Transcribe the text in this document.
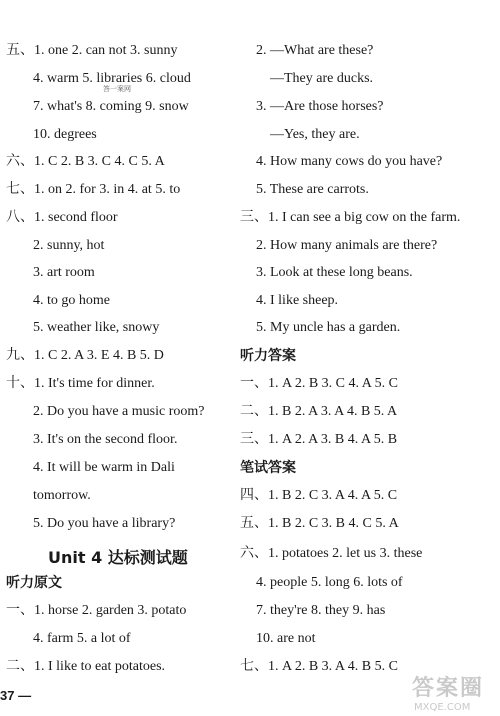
五、1. one 2. can not 3. sunny
4. warm 5. libraries 6. cloud
7. what's 8. coming 9. snow
10. degrees
六、1. C 2. B 3. C 4. C 5. A
七、1. on 2. for 3. in 4. at 5. to
八、1. second floor
2. sunny, hot
3. art room
4. to go home
5. weather like, snowy
九、1. C 2. A 3. E 4. B 5. D
十、1. It's time for dinner.
2. Do you have a music room?
3. It's on the second floor.
4. It will be warm in Dali
tomorrow.
5. Do you have a library?
Unit 4 达标测试题
听力原文
一、1. horse 2. garden 3. potato
4. farm 5. a lot of
二、1. I like to eat potatoes.
答一案网
2. —What are these?
—They are ducks.
3. —Are those horses?
—Yes, they are.
4. How many cows do you have?
5. These are carrots.
三、1. I can see a big cow on the farm.
2. How many animals are there?
3. Look at these long beans.
4. I like sheep.
5. My uncle has a garden.
听力答案
一、1. A 2. B 3. C 4. A 5. C
二、1. B 2. A 3. A 4. B 5. A
三、1. A 2. A 3. B 4. A 5. B
笔试答案
四、1. B 2. C 3. A 4. A 5. C
五、1. B 2. C 3. B 4. C 5. A
六、1. potatoes 2. let us 3. these
4. people 5. long 6. lots of
7. they're 8. they 9. has
10. are not
七、1. A 2. B 3. A 4. B 5. C
37 —	答案圈
MXQE.COM
